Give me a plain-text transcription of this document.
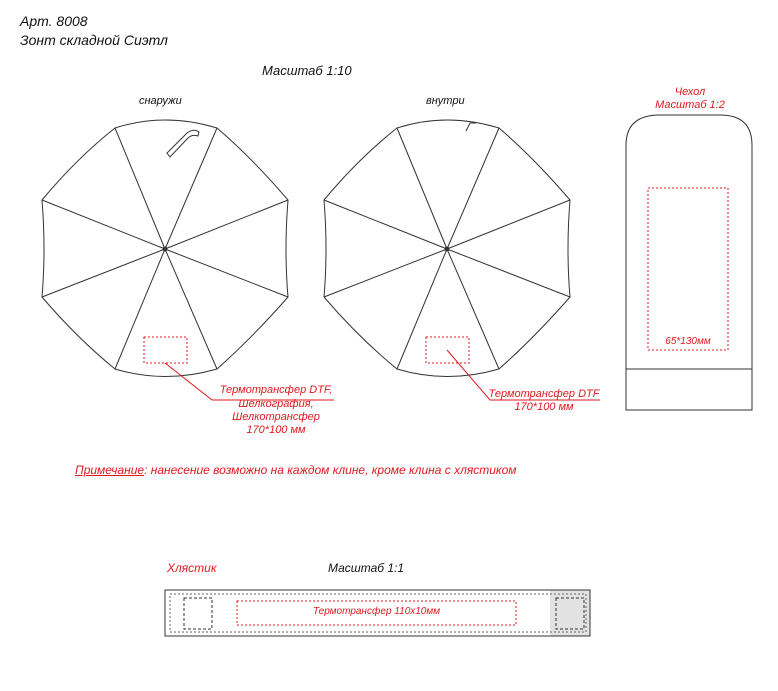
Арт. 8008
Зонт складной Сиэтл
Масштаб 1:10
снаружи	внутри
Термотрансфер DTF,
Шелкография,
Шелкотрансфер
170*100 мм
Термотрансфер DTF
170*100 мм
Чехол
Масштаб 1:2
65*130мм
Примечание: нанесение возможно на каждом клине, кроме клина с хлястиком
Хлястик	Масштаб 1:1
Термотрансфер 110х10мм
